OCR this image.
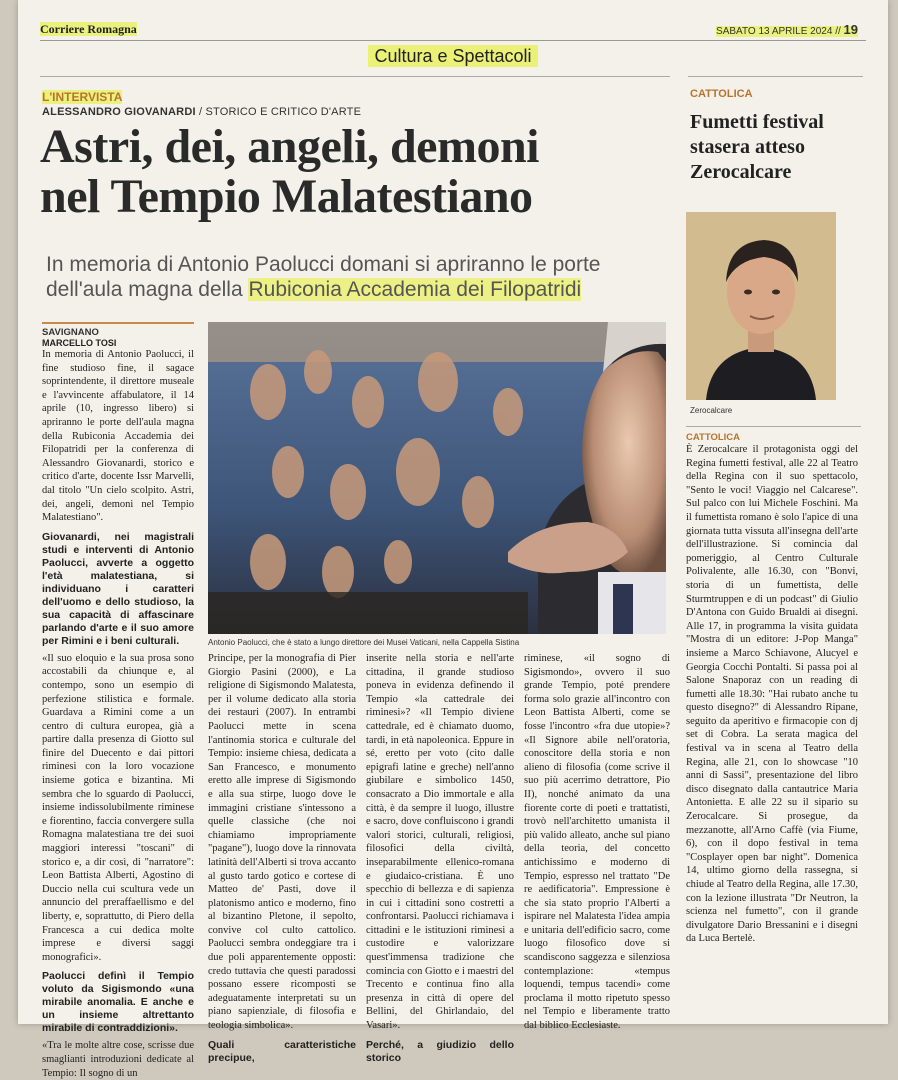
Corriere Romagna	SABATO 13 APRILE 2024 // 19
Cultura e Spettacoli
L'INTERVISTA
ALESSANDRO GIOVANARDI / STORICO E CRITICO D'ARTE
Astri, dei, angeli, demoni
nel Tempio Malatestiano
In memoria di Antonio Paolucci domani si apriranno le porte
dell'aula magna della Rubiconia Accademia dei Filopatridi
Antonio Paolucci, che è stato a lungo direttore dei Musei Vaticani, nella Cappella Sistina
SAVIGNANO
MARCELLO TOSI
In memoria di Antonio Paolucci, il fine studioso fine, il sagace soprintendente, il direttore museale e l'avvincente affabulatore, il 14 aprile (10, ingresso libero) si apriranno le porte dell'aula magna della Rubiconia Accademia dei Filopatridi per la conferenza di Alessandro Giovanardi, storico e critico d'arte, docente Issr Marvelli, dal titolo "Un cielo scolpito. Astri, dei, angeli, demoni nel Tempio Malatestiano".
Giovanardi, nei magistrali studi e interventi di Antonio Paolucci, avverte a oggetto l'età malatestiana, si individuano i caratteri dell'uomo e dello studioso, la sua capacità di affascinare parlando d'arte e il suo amore per Rimini e i beni culturali.
«Il suo eloquio e la sua prosa sono accostabili da chiunque e, al contempo, sono un esempio di perfezione stilistica e formale. Guardava a Rimini come a un centro di cultura europea, già a partire dalla presenza di Giotto sul finire del Duecento e dai pittori riminesi con la loro vocazione insieme gotica e bizantina. Mi sembra che lo sguardo di Paolucci, insieme indissolubilmente riminese e fiorentino, faccia convergere sulla Romagna malatestiana tre dei suoi maggiori interessi "toscani" di storico e, a dir così, di "narratore": Leon Battista Alberti, Agostino di Duccio nella cui scultura vede un annuncio del preraffaellismo e del liberty, e, soprattutto, di Piero della Francesca a cui dedica molte imprese e diversi saggi monografici».
Paolucci definì il Tempio voluto da Sigismondo «una mirabile anomalia. E anche e un insieme altrettanto mirabile di contraddizioni».
«Tra le molte altre cose, scrisse due smaglianti introduzioni dedicate al Tempio: Il sogno di un
Principe, per la monografia di Pier Giorgio Pasini (2000), e La religione di Sigismondo Malatesta, per il volume dedicato alla storia dei restauri (2007). In entrambi Paolucci mette in scena l'antinomia storica e culturale del Tempio: insieme chiesa, dedicata a San Francesco, e monumento eretto alle imprese di Sigismondo e alla sua stirpe, luogo dove le immagini cristiane s'intessono a quelle classiche (che noi chiamiamo impropriamente "pagane"), luogo dove la rinnovata latinità dell'Alberti si trova accanto al gusto tardo gotico e cortese di Matteo de' Pasti, dove il platonismo antico e moderno, fino al bizantino Pletone, il sepolto, convive col culto cattolico. Paolucci sembra ondeggiare tra i due poli apparentemente opposti: credo tuttavia che questi paradossi possano essere ricomposti se adeguatamente interpretati su un piano sapienziale, di filosofia e teologia simbolica».
Quali caratteristiche precipue,
inserite nella storia e nell'arte cittadina, il grande studioso poneva in evidenza definendo il Tempio «la cattedrale dei riminesi»? «Il Tempio diviene cattedrale, ed è chiamato duomo, tardi, in età napoleonica. Eppure in sé, eretto per voto (cito dalle epigrafi latine e greche) nell'anno giubilare e simbolico 1450, consacrato a Dio immortale e alla città, è da sempre il luogo, illustre e sacro, dove confluiscono i grandi valori storici, culturali, religiosi, filosofici della civiltà, inseparabilmente ellenico-romana e giudaico-cristiana. È uno specchio di bellezza e di sapienza in cui i cittadini sono costretti a confrontarsi. Paolucci richiamava i cittadini e le istituzioni riminesi a custodire e valorizzare quest'immensa tradizione che comincia con Giotto e i maestri del Trecento e continua fino alla presenza in città di opere del Bellini, del Ghirlandaio, del Vasari».
Perché, a giudizio dello storico
riminese, «il sogno di Sigismondo», ovvero il suo grande Tempio, poté prendere forma solo grazie all'incontro con Leon Battista Alberti, come se fosse l'incontro «fra due utopie»? «Il Signore abile nell'oratoria, conoscitore della storia e non alieno di filosofia (come scrive il suo più acerrimo detrattore, Pio II), nonché animato da una fiorente corte di poeti e trattatisti, trovò nell'architetto umanista il più valido alleato, anche sul piano della teoria, del concetto antichissimo e moderno di Tempio, espresso nel trattato "De re aedificatoria". Empressione è che sia stato proprio l'Alberti a ispirare nel Malatesta l'idea ampia e unitaria dell'edificio sacro, come luogo filosofico dove si scandiscono saggezza e silenziosa contemplazione: «tempus loquendi, tempus tacendi» come proclama il motto ripetuto spesso nel Tempio e liberamente tratto dal biblico Ecclesiaste.
CATTOLICA
Fumetti festival stasera atteso Zerocalcare
Zerocalcare
CATTOLICA
È Zerocalcare il protagonista oggi del Regina fumetti festival, alle 22 al Teatro della Regina con il suo spettacolo, "Sento le voci! Viaggio nel Calcarese". Sul palco con lui Michele Foschini. Ma il fumettista romano è solo l'apice di una giornata tutta vissuta all'insegna dell'arte dell'illustrazione. Si comincia dal pomeriggio, al Centro Culturale Polivalente, alle 16.30, con "Bonvi, storia di un fumettista, delle Sturmtruppen e di un podcast" di Giulio D'Antona con Guido Brualdi ai disegni. Alle 17, in programma la visita guidata "Mostra di un editore: J-Pop Manga" insieme a Marco Schiavone, Alucyel e Georgia Cocchi Pontalti. Si passa poi al Salone Snaporaz con un reading di fumetti alle 18.30: "Hai rubato anche tu questo disegno?" di Alessandro Ripane, seguito da aperitivo e firmacopie con dj set di Cobra. La serata magica del festival va in scena al Teatro della Regina, alle 21, con lo showcase "10 anni di Sassi", presentazione del libro disco disegnato dalla cantautrice Maria Antonietta. E alle 22 su il sipario su Zerocalcare. Si prosegue, da mezzanotte, all'Arno Caffè (via Fiume, 6), con il dopo festival in tema "Cosplayer open bar night". Domenica 14, ultimo giorno della rassegna, si chiude al Teatro della Regina, alle 17.30, con la lezione illustrata "Dr Neutron, la scienza nel fumetto", con il grande divulgatore Dario Bressanini e i disegni da Luca Bertelè.
